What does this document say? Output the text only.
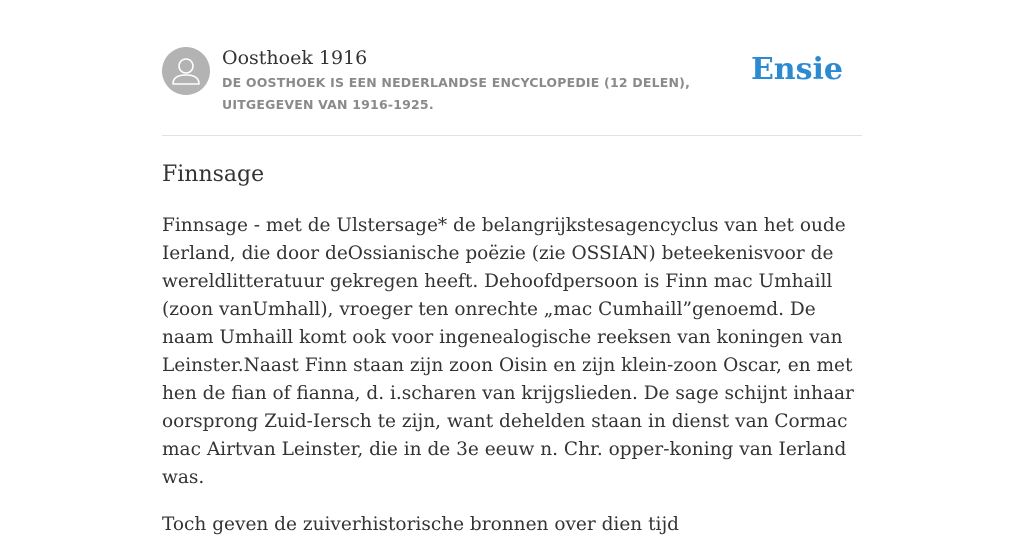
Oosthoek 1916
DE OOSTHOEK IS EEN NEDERLANDSE ENCYCLOPEDIE (12 DELEN), UITGEGEVEN VAN 1916-1925.
Ensie
Finnsage

Finnsage - met de Ulstersage* de belangrijkstesagencyclus van het oude Ierland, die door deOssianische poëzie (zie OSSIAN) beteekenisvoor de wereldlitteratuur gekregen heeft. Dehoofdpersoon is Finn mac Umhaill (zoon vanUmhall), vroeger ten onrechte „mac Cumhaill”genoemd. De naam Umhaill komt ook voor ingenealogische reeksen van koningen van Leinster.Naast Finn staan zijn zoon Oisin en zijn klein-zoon Oscar, en met hen de fian of fianna, d. i.scharen van krijgslieden. De sage schijnt inhaar oorsprong Zuid-Iersch te zijn, want dehelden staan in dienst van Cormac mac Airtvan Leinster, die in de 3e eeuw n. Chr. opper-koning van Ierland was.

Toch geven de zuiverhistorische bronnen over dien tijd
